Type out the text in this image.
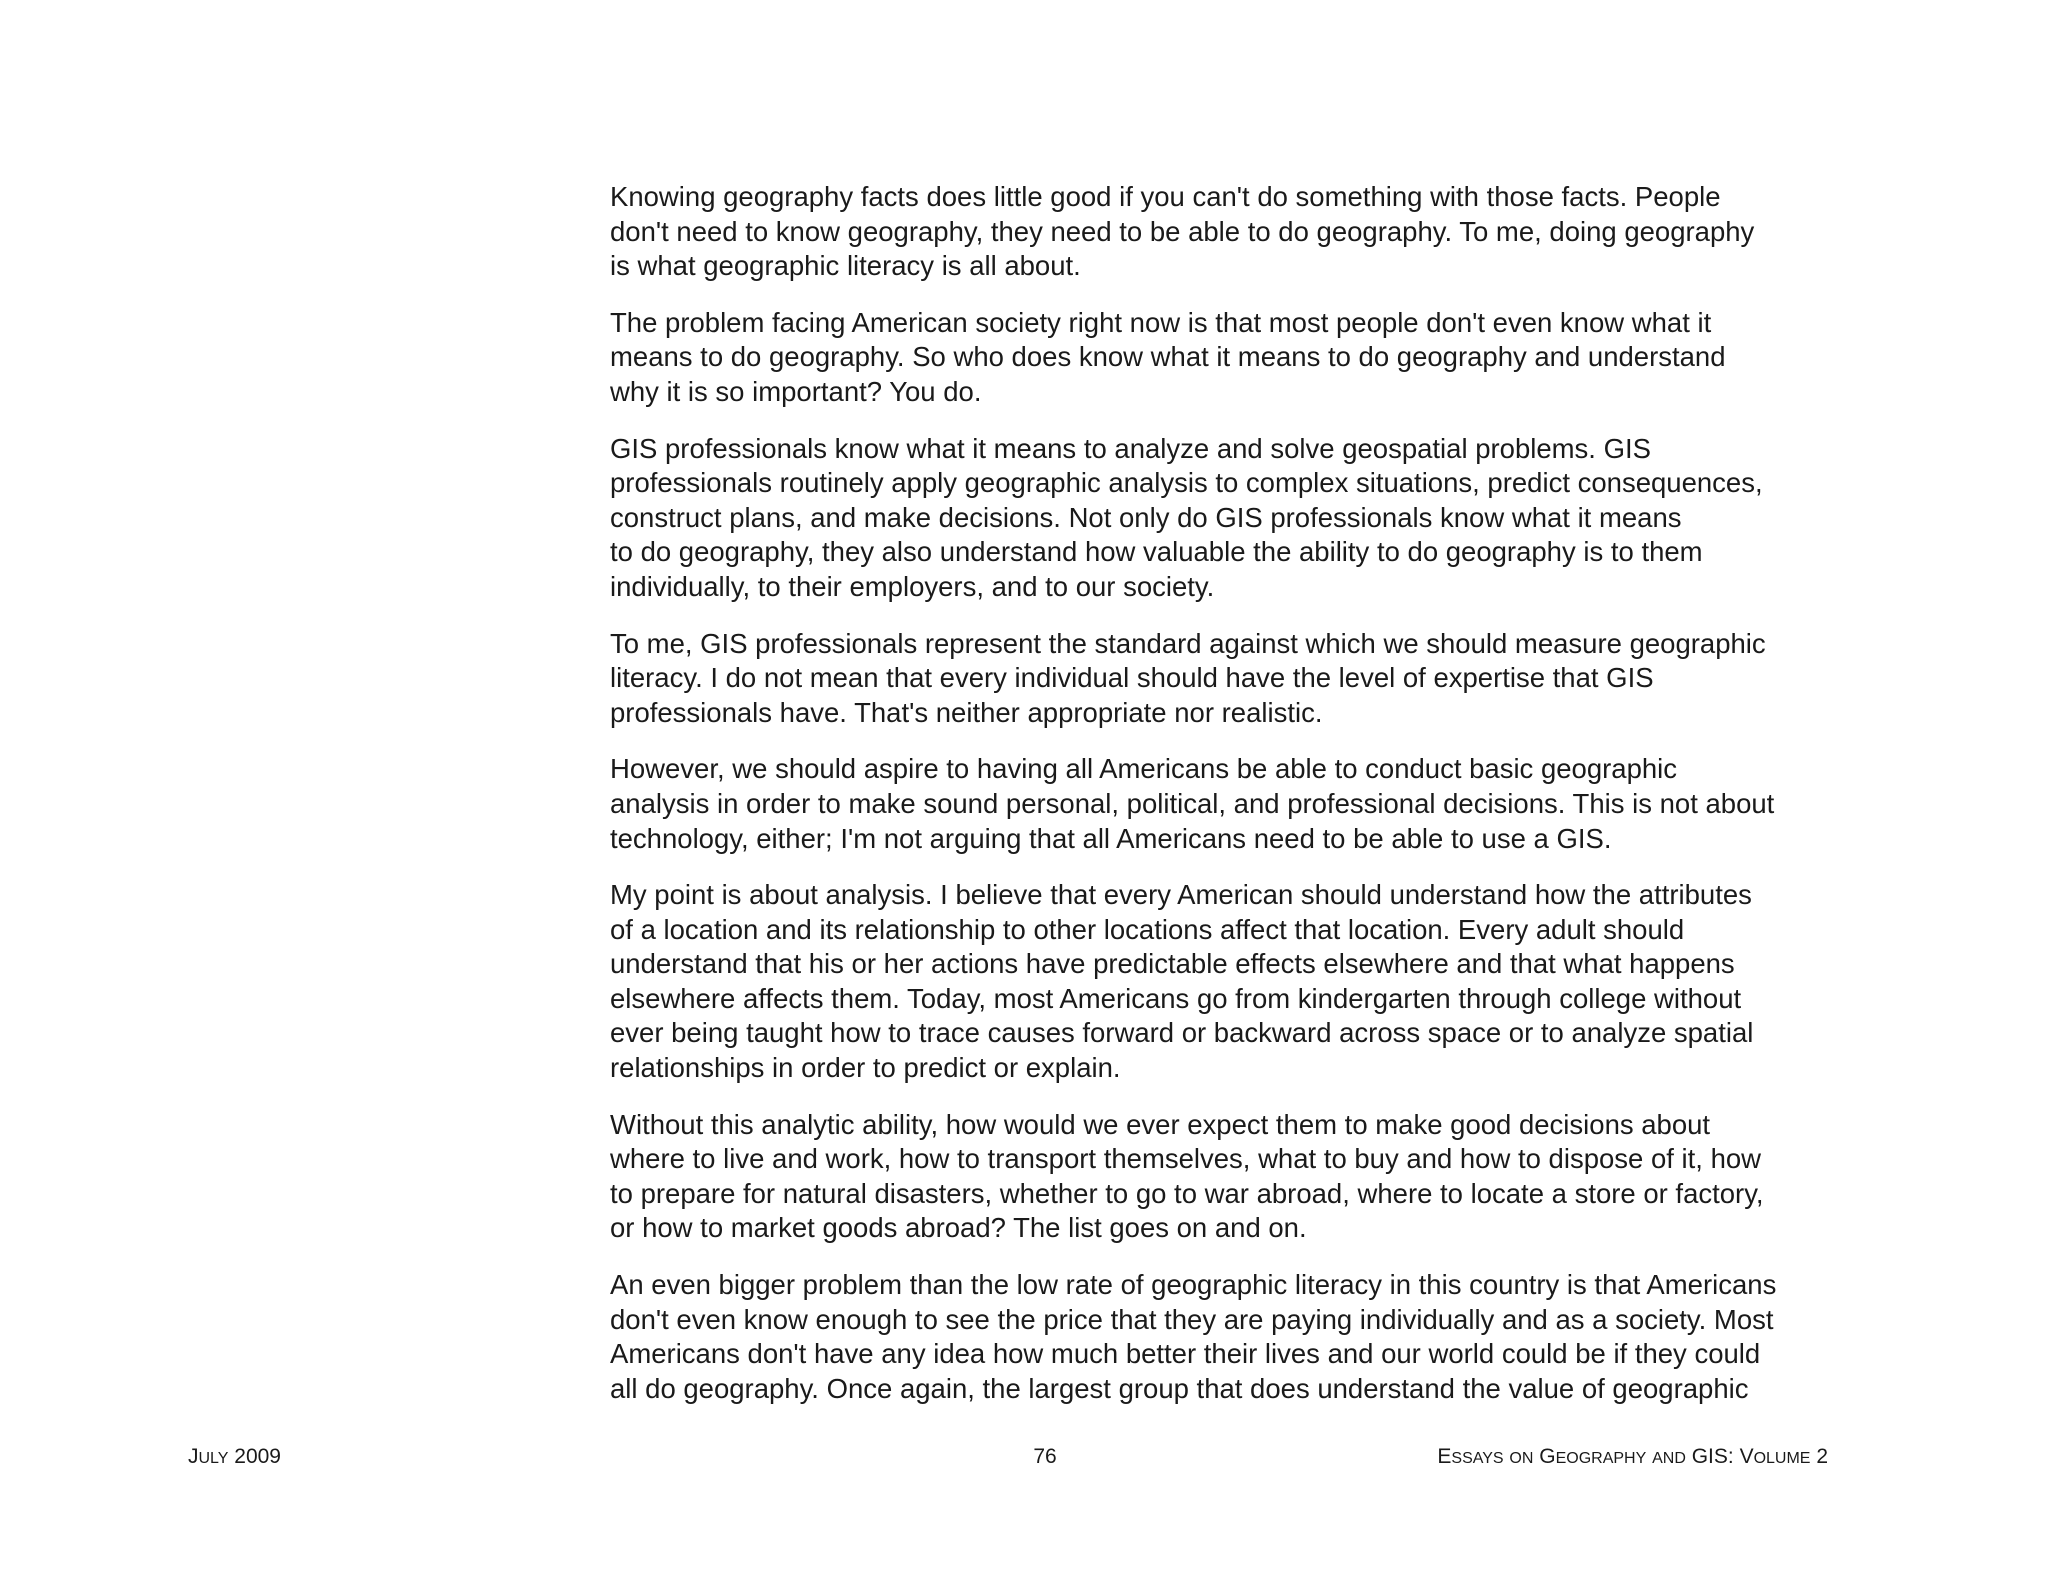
Knowing geography facts does little good if you can't do something with those facts. People
don't need to know geography, they need to be able to do geography. To me, doing geography
is what geographic literacy is all about.

The problem facing American society right now is that most people don't even know what it
means to do geography. So who does know what it means to do geography and understand
why it is so important? You do.

GIS professionals know what it means to analyze and solve geospatial problems. GIS
professionals routinely apply geographic analysis to complex situations, predict consequences,
construct plans, and make decisions. Not only do GIS professionals know what it means
to do geography, they also understand how valuable the ability to do geography is to them
individually, to their employers, and to our society.

To me, GIS professionals represent the standard against which we should measure geographic
literacy. I do not mean that every individual should have the level of expertise that GIS
professionals have. That's neither appropriate nor realistic.

However, we should aspire to having all Americans be able to conduct basic geographic
analysis in order to make sound personal, political, and professional decisions. This is not about
technology, either; I'm not arguing that all Americans need to be able to use a GIS.

My point is about analysis. I believe that every American should understand how the attributes
of a location and its relationship to other locations affect that location. Every adult should
understand that his or her actions have predictable effects elsewhere and that what happens
elsewhere affects them. Today, most Americans go from kindergarten through college without
ever being taught how to trace causes forward or backward across space or to analyze spatial
relationships in order to predict or explain.

Without this analytic ability, how would we ever expect them to make good decisions about
where to live and work, how to transport themselves, what to buy and how to dispose of it, how
to prepare for natural disasters, whether to go to war abroad, where to locate a store or factory,
or how to market goods abroad? The list goes on and on.

An even bigger problem than the low rate of geographic literacy in this country is that Americans
don't even know enough to see the price that they are paying individually and as a society. Most
Americans don't have any idea how much better their lives and our world could be if they could
all do geography. Once again, the largest group that does understand the value of geographic

JULY 2009	76	ESSAYS ON GEOGRAPHY AND GIS: VOLUME 2
